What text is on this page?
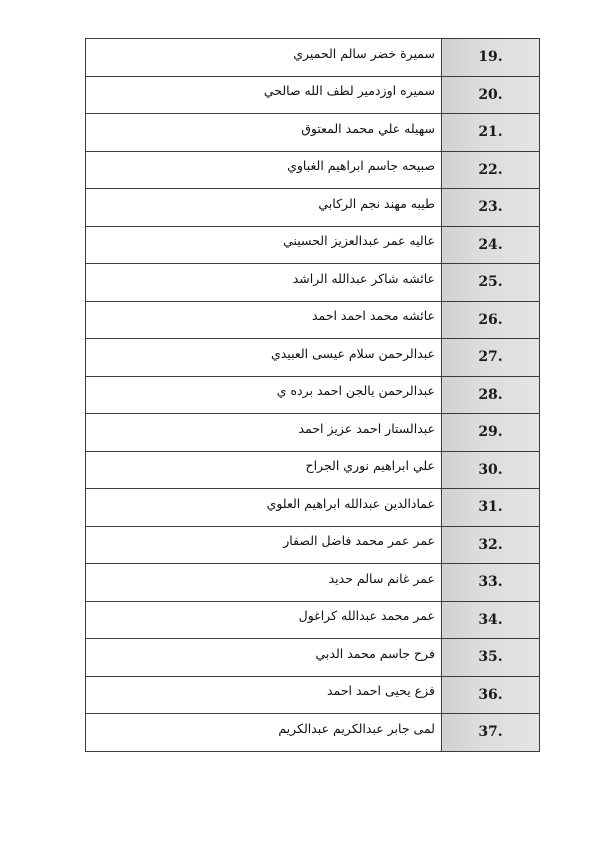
19.	سميرة خضر سالم الحميري
20.	سميره اوزدمير لطف الله صالحي
21.	سهيله علي محمد المعتوق
22.	صبيحه جاسم ابراهيم الغباوي
23.	طيبه مهند نجم الركابي
24.	عاليه عمر عبدالعزيز الحسيني
25.	عائشه شاكر عبدالله الراشد
26.	عائشه محمد احمد احمد
27.	عبدالرحمن سلام عيسى العبيدي
28.	عبدالرحمن يالجن احمد برده ي
29.	عبدالستار احمد عزيز احمد
30.	علي ابراهيم نوري الجراح
31.	عمادالدين عبدالله ابراهيم العلوي
32.	عمر عمر محمد فاضل الصفار
33.	عمر غانم سالم حديد
34.	عمر محمد عبدالله كراغول
35.	فرح جاسم محمد الدبي
36.	فزع يحيى احمد احمد
37.	لمى جابر عبدالكريم عبدالكريم
